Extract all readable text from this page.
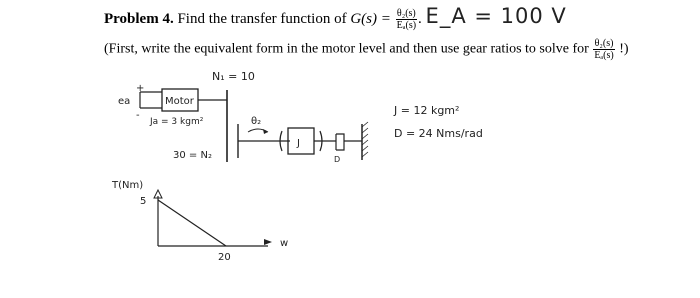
Problem 4. Find the transfer function of $G(s) = \frac{\text{θ₂(s)}}{\text{Eₐ(s)}}$ . E_A = 100 V
(First, write the equivalent form in the motor level and then use gear ratios to solve for $\frac{\text{θ₂(s)}}{\text{Eₐ(s)}}$ !)
ea
+
-
Motor
Ja = 3 kgm²
N₁ = 10
30 = N₂
θ₂
J
D
J = 12 kgm²
D = 24 Nms/rad
T(Nm)
5
w
20
